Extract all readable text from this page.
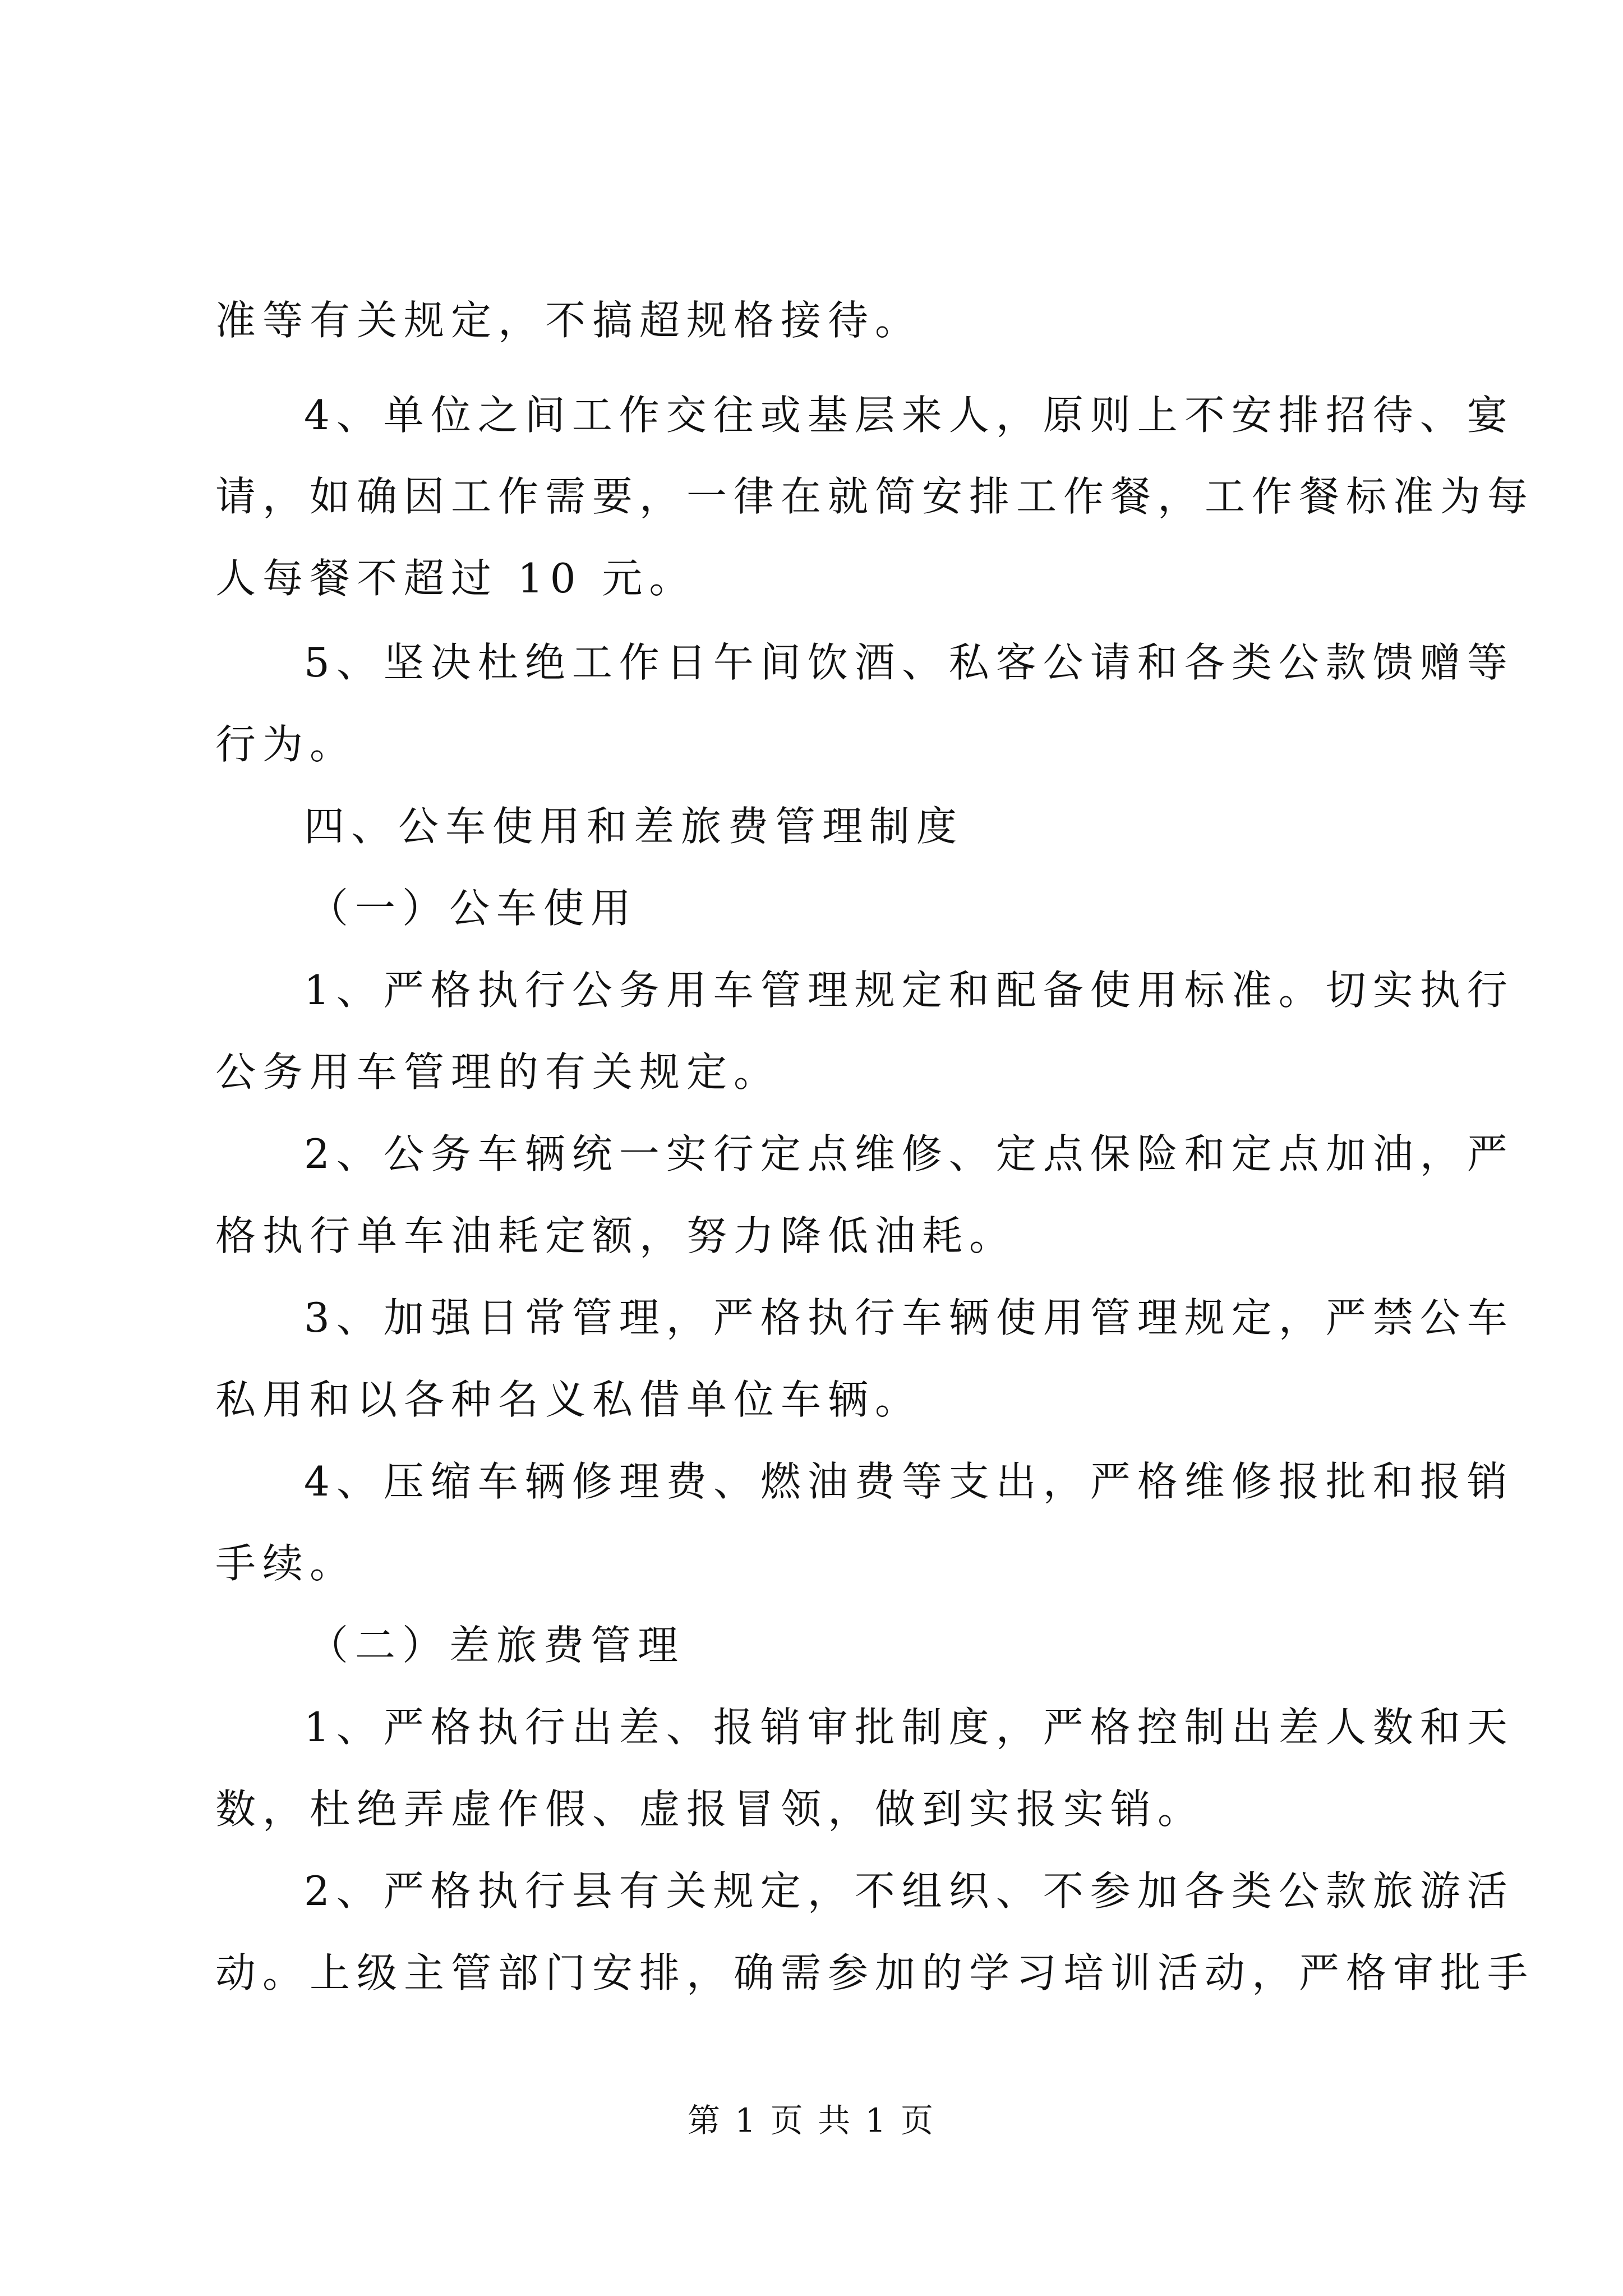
准等有关规定，不搞超规格接待。

4、单位之间工作交往或基层来人，原则上不安排招待、宴

请，如确因工作需要，一律在就简安排工作餐，工作餐标准为每

人每餐不超过 10 元。

5、坚决杜绝工作日午间饮酒、私客公请和各类公款馈赠等

行为。

四、公车使用和差旅费管理制度

（一）公车使用

1、严格执行公务用车管理规定和配备使用标准。切实执行

公务用车管理的有关规定。

2、公务车辆统一实行定点维修、定点保险和定点加油，严

格执行单车油耗定额，努力降低油耗。

3、加强日常管理，严格执行车辆使用管理规定，严禁公车

私用和以各种名义私借单位车辆。

4、压缩车辆修理费、燃油费等支出，严格维修报批和报销

手续。

（二）差旅费管理

1、严格执行出差、报销审批制度，严格控制出差人数和天

数，杜绝弄虚作假、虚报冒领，做到实报实销。

2、严格执行县有关规定，不组织、不参加各类公款旅游活

动。上级主管部门安排，确需参加的学习培训活动，严格审批手

第 1 页 共 1 页
